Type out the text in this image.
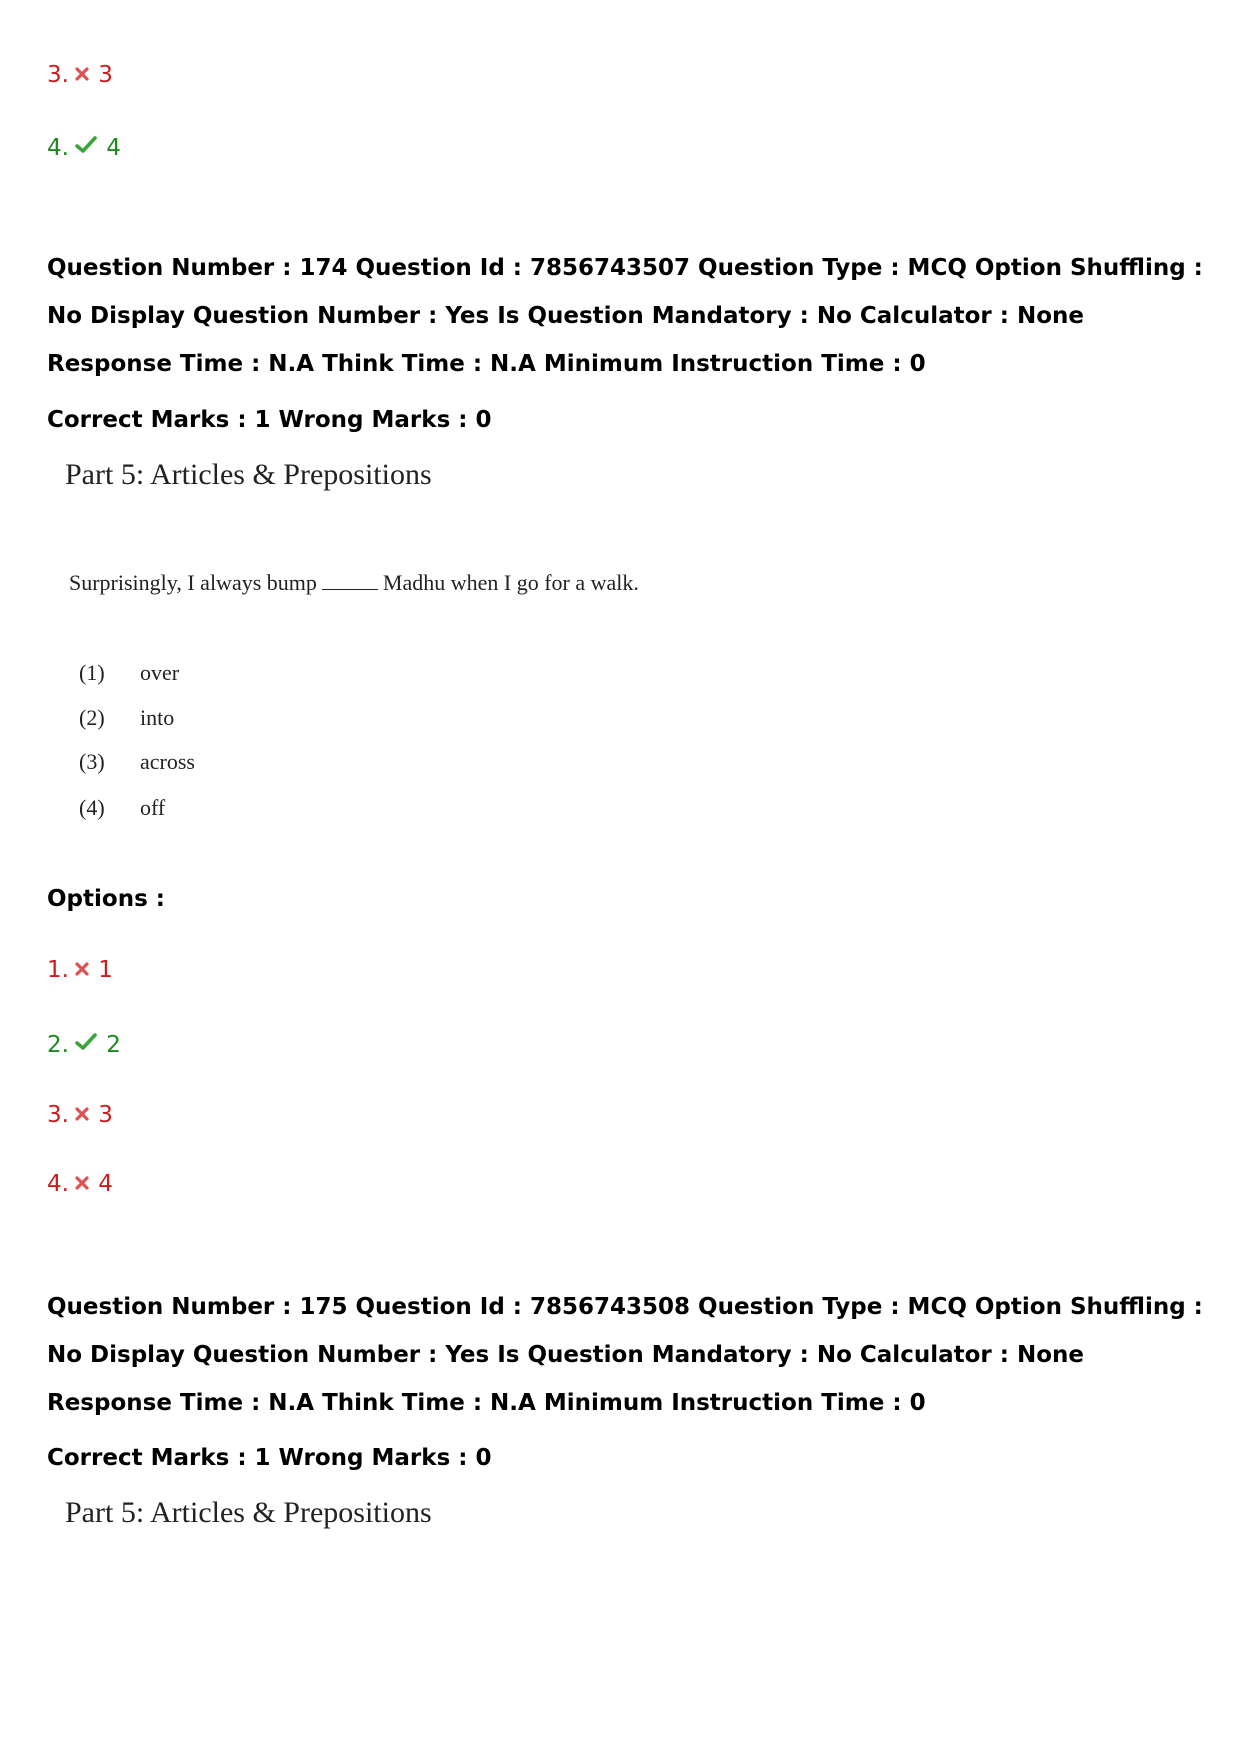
3. 3
4. 4
Question Number : 174 Question Id : 7856743507 Question Type : MCQ Option Shuffling : No Display Question Number : Yes Is Question Mandatory : No Calculator : None Response Time : N.A Think Time : N.A Minimum Instruction Time : 0
Correct Marks : 1 Wrong Marks : 0
Part 5: Articles & Prepositions
Surprisingly, I always bump	Madhu when I go for a walk.
(1) over
(2) into
(3) across
(4) off
Options :
1. 1
2. 2
3. 3
4. 4
Question Number : 175 Question Id : 7856743508 Question Type : MCQ Option Shuffling : No Display Question Number : Yes Is Question Mandatory : No Calculator : None Response Time : N.A Think Time : N.A Minimum Instruction Time : 0
Correct Marks : 1 Wrong Marks : 0
Part 5: Articles & Prepositions
